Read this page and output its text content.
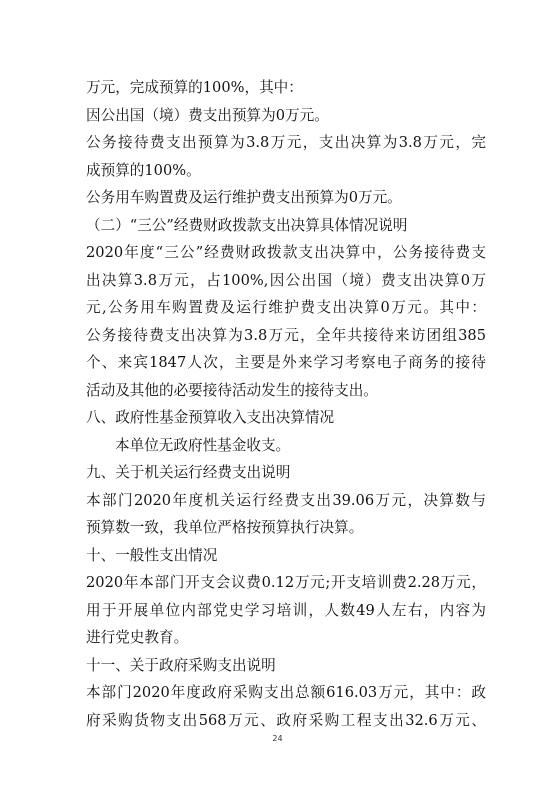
万元，完成预算的100%，其中：

因公出国（境）费支出预算为0万元。

公务接待费支出预算为3.8万元，支出决算为3.8万元，完

成预算的100%。

公务用车购置费及运行维护费支出预算为0万元。

（二）“三公”经费财政拨款支出决算具体情况说明

2020年度“三公”经费财政拨款支出决算中，公务接待费支

出决算3.8万元，占100%,因公出国（境）费支出决算0万

元,公务用车购置费及运行维护费支出决算0万元。其中：

公务接待费支出决算为3.8万元，全年共接待来访团组385

个、来宾1847人次，主要是外来学习考察电子商务的接待

活动及其他的必要接待活动发生的接待支出。

八、政府性基金预算收入支出决算情况

本单位无政府性基金收支。

九、关于机关运行经费支出说明

本部门2020年度机关运行经费支出39.06万元，决算数与

预算数一致，我单位严格按预算执行决算。

十、一般性支出情况

2020年本部门开支会议费0.12万元;开支培训费2.28万元，

用于开展单位内部党史学习培训，人数49人左右，内容为

进行党史教育。

十一、关于政府采购支出说明

本部门2020年度政府采购支出总额616.03万元，其中：政

府采购货物支出568万元、政府采购工程支出32.6万元、

24
